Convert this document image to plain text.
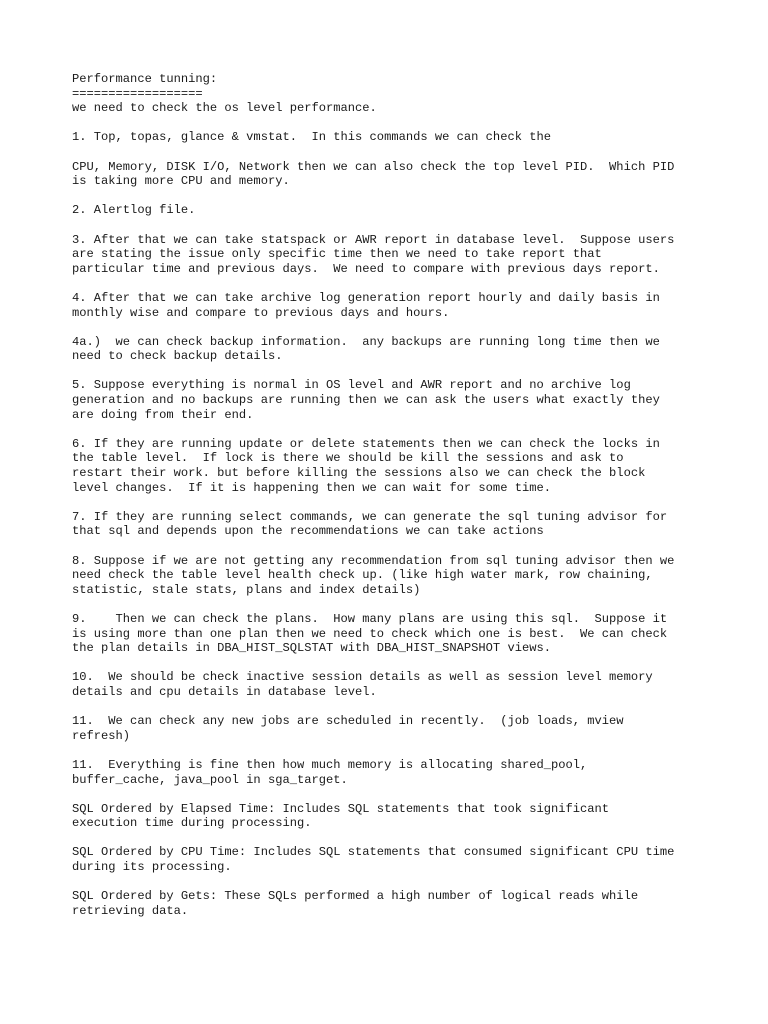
Performance tunning:

==================

we need to check the os level performance.

1. Top, topas, glance & vmstat.  In this commands we can check the

CPU, Memory, DISK I/O, Network then we can also check the top level PID.  Which PID
is taking more CPU and memory.

2. Alertlog file.

3. After that we can take statspack or AWR report in database level.  Suppose users
are stating the issue only specific time then we need to take report that
particular time and previous days.  We need to compare with previous days report.

4. After that we can take archive log generation report hourly and daily basis in
monthly wise and compare to previous days and hours.

4a.)  we can check backup information.  any backups are running long time then we
need to check backup details.

5. Suppose everything is normal in OS level and AWR report and no archive log
generation and no backups are running then we can ask the users what exactly they
are doing from their end.

6. If they are running update or delete statements then we can check the locks in
the table level.  If lock is there we should be kill the sessions and ask to
restart their work. but before killing the sessions also we can check the block
level changes.  If it is happening then we can wait for some time.

7. If they are running select commands, we can generate the sql tuning advisor for
that sql and depends upon the recommendations we can take actions

8. Suppose if we are not getting any recommendation from sql tuning advisor then we
need check the table level health check up. (like high water mark, row chaining,
statistic, stale stats, plans and index details)

9.    Then we can check the plans.  How many plans are using this sql.  Suppose it
is using more than one plan then we need to check which one is best.  We can check
the plan details in DBA_HIST_SQLSTAT with DBA_HIST_SNAPSHOT views.

10.  We should be check inactive session details as well as session level memory
details and cpu details in database level.

11.  We can check any new jobs are scheduled in recently.  (job loads, mview
refresh)

11.  Everything is fine then how much memory is allocating shared_pool,
buffer_cache, java_pool in sga_target.

SQL Ordered by Elapsed Time: Includes SQL statements that took significant
execution time during processing.

SQL Ordered by CPU Time: Includes SQL statements that consumed significant CPU time
during its processing.

SQL Ordered by Gets: These SQLs performed a high number of logical reads while
retrieving data.
